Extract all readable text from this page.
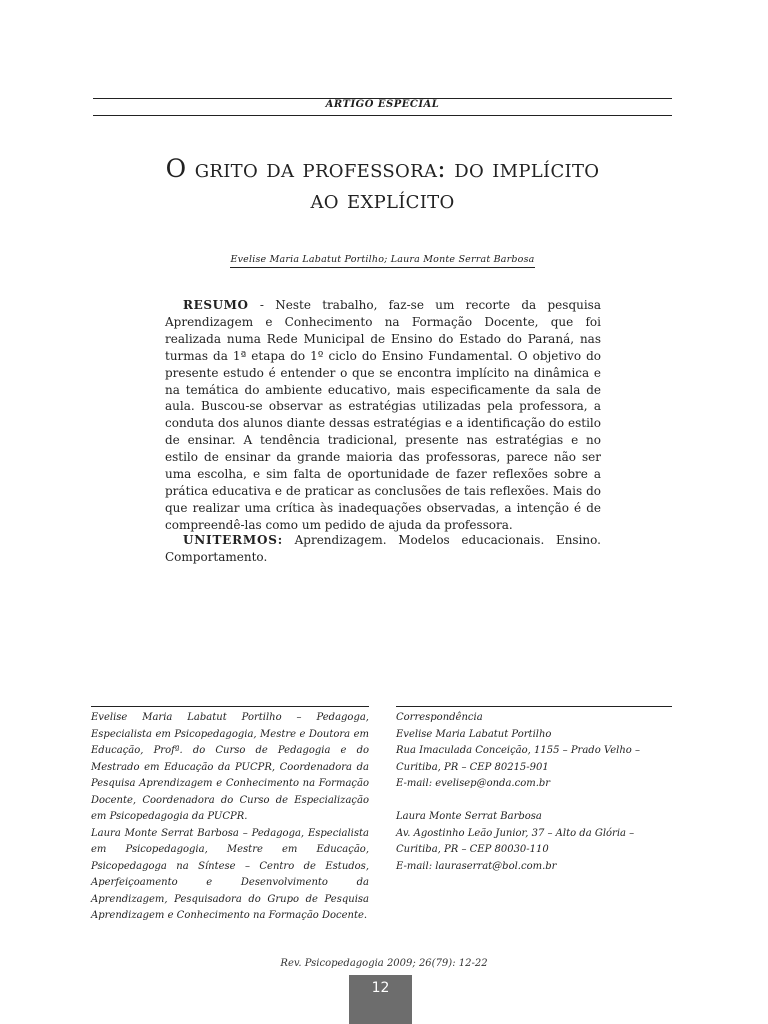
ARTIGO ESPECIAL
O grito da professora: do implícito
ao explícito
Evelise Maria Labatut Portilho; Laura Monte Serrat Barbosa

RESUMO - Neste trabalho, faz-se um recorte da pesquisa Aprendizagem e Conhecimento na Formação Docente, que foi realizada numa Rede Municipal de Ensino do Estado do Paraná, nas turmas da 1ª etapa do 1º ciclo do Ensino Fundamental. O objetivo do presente estudo é entender o que se encontra implícito na dinâmica e na temática do ambiente educativo, mais especificamente da sala de aula. Buscou-se observar as estratégias utilizadas pela professora, a conduta dos alunos diante dessas estratégias e a identificação do estilo de ensinar. A tendência tradicional, presente nas estratégias e no estilo de ensinar da grande maioria das professoras, parece não ser uma escolha, e sim falta de oportunidade de fazer reflexões sobre a prática educativa e de praticar as conclusões de tais reflexões. Mais do que realizar uma crítica às inadequações observadas, a intenção é de compreendê-las como um pedido de ajuda da professora.

UNITERMOS: Aprendizagem. Modelos educacionais. Ensino. Comportamento.

Evelise Maria Labatut Portilho – Pedagoga, Especialista em Psicopedagogia, Mestre e Doutora em Educação, Profª. do Curso de Pedagogia e do Mestrado em Educação da PUCPR, Coordenadora da Pesquisa Aprendizagem e Conhecimento na Formação Docente, Coordenadora do Curso de Especialização em Psicopedagogia da PUCPR.

Laura Monte Serrat Barbosa – Pedagoga, Especialista em Psicopedagogia, Mestre em Educação, Psicopedagoga na Síntese – Centro de Estudos, Aperfeiçoamento e Desenvolvimento da Aprendizagem, Pesquisadora do Grupo de Pesquisa Aprendizagem e Conhecimento na Formação Docente.

Correspondência
Evelise Maria Labatut Portilho
Rua Imaculada Conceição, 1155 – Prado Velho –
Curitiba, PR – CEP 80215-901
E-mail: evelisep@onda.com.br
Laura Monte Serrat Barbosa
Av. Agostinho Leão Junior, 37 – Alto da Glória –
Curitiba, PR – CEP 80030-110
E-mail: lauraserrat@bol.com.br
Rev. Psicopedagogia 2009; 26(79): 12-22
12
